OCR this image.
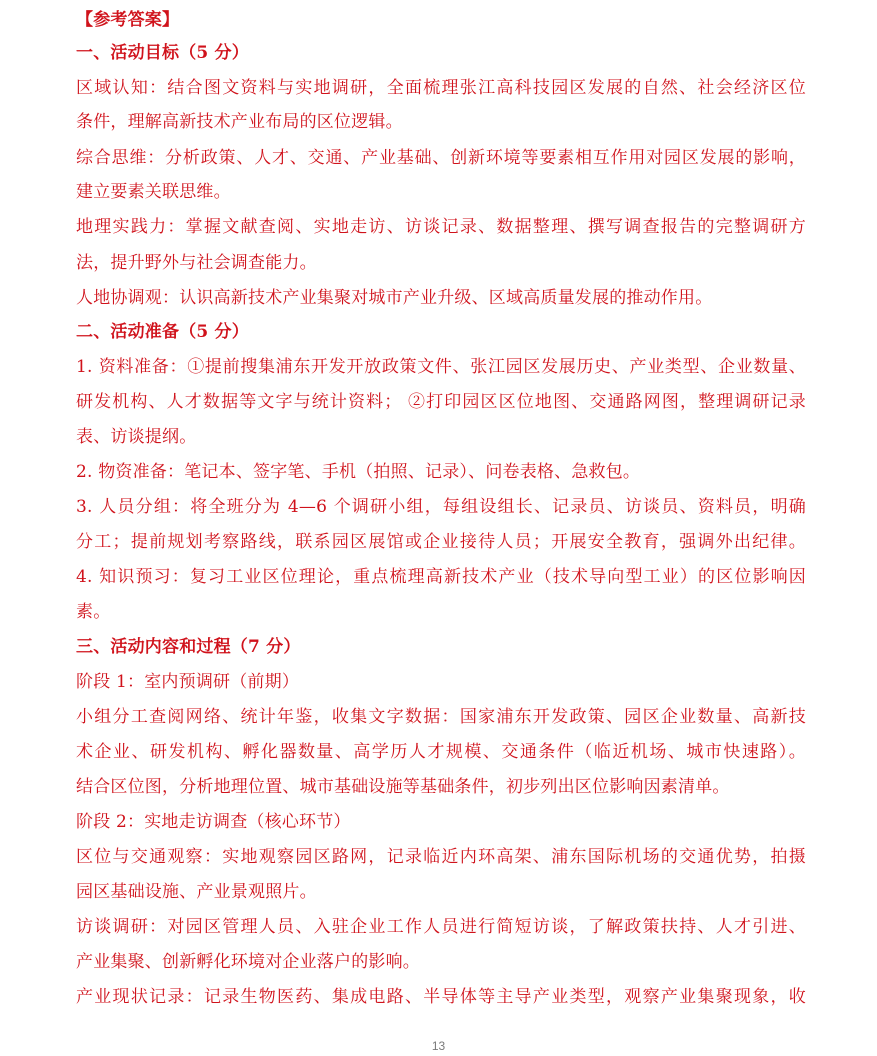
【参考答案】
一、活动目标（5 分）
区域认知：结合图文资料与实地调研，全面梳理张江高科技园区发展的自然、社会经济区位
条件，理解高新技术产业布局的区位逻辑。
综合思维：分析政策、人才、交通、产业基础、创新环境等要素相互作用对园区发展的影响，
建立要素关联思维。
地理实践力：掌握文献查阅、实地走访、访谈记录、数据整理、撰写调查报告的完整调研方
法，提升野外与社会调查能力。
人地协调观：认识高新技术产业集聚对城市产业升级、区域高质量发展的推动作用。
二、活动准备（5 分）
1. 资料准备：①提前搜集浦东开发开放政策文件、张江园区发展历史、产业类型、企业数量、
研发机构、人才数据等文字与统计资料； ②打印园区区位地图、交通路网图，整理调研记录
表、访谈提纲。
2. 物资准备：笔记本、签字笔、手机（拍照、记录）、问卷表格、急救包。
3. 人员分组：将全班分为 4—6 个调研小组，每组设组长、记录员、访谈员、资料员，明确
分工；提前规划考察路线，联系园区展馆或企业接待人员；开展安全教育，强调外出纪律。
4. 知识预习：复习工业区位理论，重点梳理高新技术产业（技术导向型工业）的区位影响因
素。
三、活动内容和过程（7 分）
阶段 1：室内预调研（前期）
小组分工查阅网络、统计年鉴，收集文字数据：国家浦东开发政策、园区企业数量、高新技
术企业、研发机构、孵化器数量、高学历人才规模、交通条件（临近机场、城市快速路）。
结合区位图，分析地理位置、城市基础设施等基础条件，初步列出区位影响因素清单。
阶段 2：实地走访调查（核心环节）
区位与交通观察：实地观察园区路网，记录临近内环高架、浦东国际机场的交通优势，拍摄
园区基础设施、产业景观照片。
访谈调研：对园区管理人员、入驻企业工作人员进行简短访谈，了解政策扶持、人才引进、
产业集聚、创新孵化环境对企业落户的影响。
产业现状记录：记录生物医药、集成电路、半导体等主导产业类型，观察产业集聚现象，收
13
